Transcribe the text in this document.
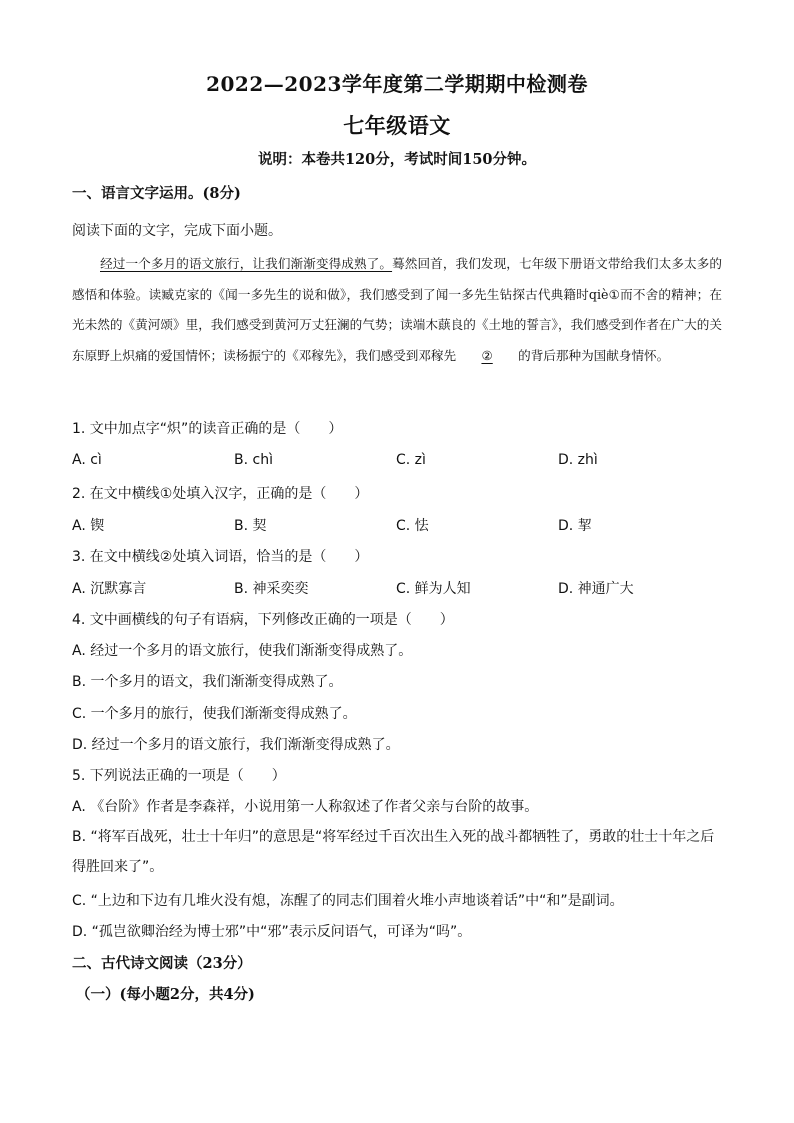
2022—2023学年度第二学期期中检测卷
七年级语文
说明：本卷共120分，考试时间150分钟。
一、语言文字运用。(8分)
阅读下面的文字，完成下面小题。
经过一个多月的语文旅行，让我们渐渐变得成熟了。蓦然回首，我们发现，七年级下册语文带给我们太多太多的感悟和体验。读臧克家的《闻一多先生的说和做》，我们感受到了闻一多先生钻探古代典籍时qiè①而不舍的精神；在光未然的《黄河颂》里，我们感受到黄河万丈狂澜的气势；读端木蕻良的《土地的誓言》，我们感受到作者在广大的关东原野上炽痛的爱国情怀；读杨振宁的《邓稼先》，我们感受到邓稼先 ② 的背后那种为国献身情怀。
1. 文中加点字“炽”的读音正确的是（　　）
A. cì	B. chì	C. zì	D. zhì
2. 在文中横线①处填入汉字，正确的是（　　）
A. 锲	B. 契	C. 怯	D. 挈
3. 在文中横线②处填入词语，恰当的是（　　）
A. 沉默寡言	B. 神采奕奕	C. 鲜为人知	D. 神通广大
4. 文中画横线的句子有语病，下列修改正确的一项是（　　）
A. 经过一个多月的语文旅行，使我们渐渐变得成熟了。
B. 一个多月的语文，我们渐渐变得成熟了。
C. 一个多月的旅行，使我们渐渐变得成熟了。
D. 经过一个多月的语文旅行，我们渐渐变得成熟了。
5. 下列说法正确的一项是（　　）
A. 《台阶》作者是李森祥，小说用第一人称叙述了作者父亲与台阶的故事。
B. “将军百战死，壮士十年归”的意思是“将军经过千百次出生入死的战斗都牺牲了，勇敢的壮士十年之后得胜回来了”。
C. “上边和下边有几堆火没有熄，冻醒了的同志们围着火堆小声地谈着话”中“和”是副词。
D. “孤岂欲卿治经为博士邪”中“邪”表示反问语气，可译为“吗”。
二、古代诗文阅读（23分）
（一）(每小题2分，共4分)
